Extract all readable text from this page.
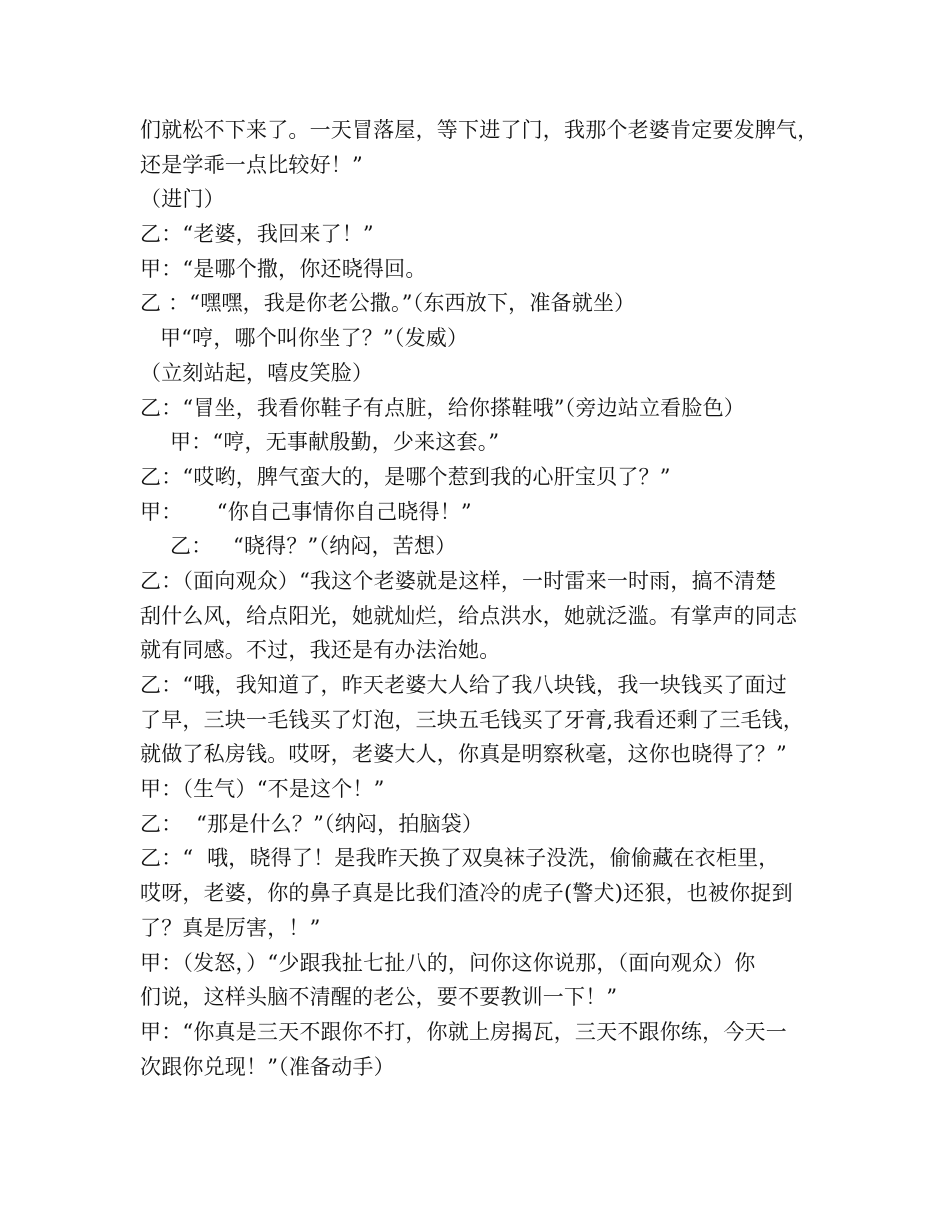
们就松不下来了。一天冒落屋，等下进了门，我那个老婆肯定要发脾气，
还是学乖一点比较好！”
（进门）
乙：“老婆，我回来了！”
甲：“是哪个撒，你还晓得回。
乙 ：“嘿嘿，我是你老公撒。”（东西放下，准备就坐）
甲“哼，哪个叫你坐了？”（发威）
（立刻站起，嘻皮笑脸）
乙：“冒坐，我看你鞋子有点脏，给你搽鞋哦”（旁边站立看脸色）
甲：“哼，无事献殷勤，少来这套。”
乙：“哎哟，脾气蛮大的，是哪个惹到我的心肝宝贝了？”
甲：     “你自己事情你自己晓得！”
乙：   “晓得？”（纳闷，苦想）
乙：（面向观众）“我这个老婆就是这样，一时雷来一时雨，搞不清楚
刮什么风，给点阳光，她就灿烂，给点洪水，她就泛滥。有掌声的同志
就有同感。不过，我还是有办法治她。
乙：“哦，我知道了，昨天老婆大人给了我八块钱，我一块钱买了面过
了早，三块一毛钱买了灯泡，三块五毛钱买了牙膏,我看还剩了三毛钱，
就做了私房钱。哎呀，老婆大人，你真是明察秋毫，这你也晓得了？”
甲：（生气）“不是这个！”
乙：  “那是什么？”（纳闷，拍脑袋）
乙：“  哦，晓得了！是我昨天换了双臭袜子没洗，偷偷藏在衣柜里，
哎呀，老婆，你的鼻子真是比我们渣冷的虎子(警犬)还狠，也被你捉到
了？真是厉害，！”
甲：（发怒，）“少跟我扯七扯八的，问你这你说那，（面向观众）你
们说，这样头脑不清醒的老公，要不要教训一下！”
甲：“你真是三天不跟你不打，你就上房揭瓦，三天不跟你练，今天一
次跟你兑现！”（准备动手）
